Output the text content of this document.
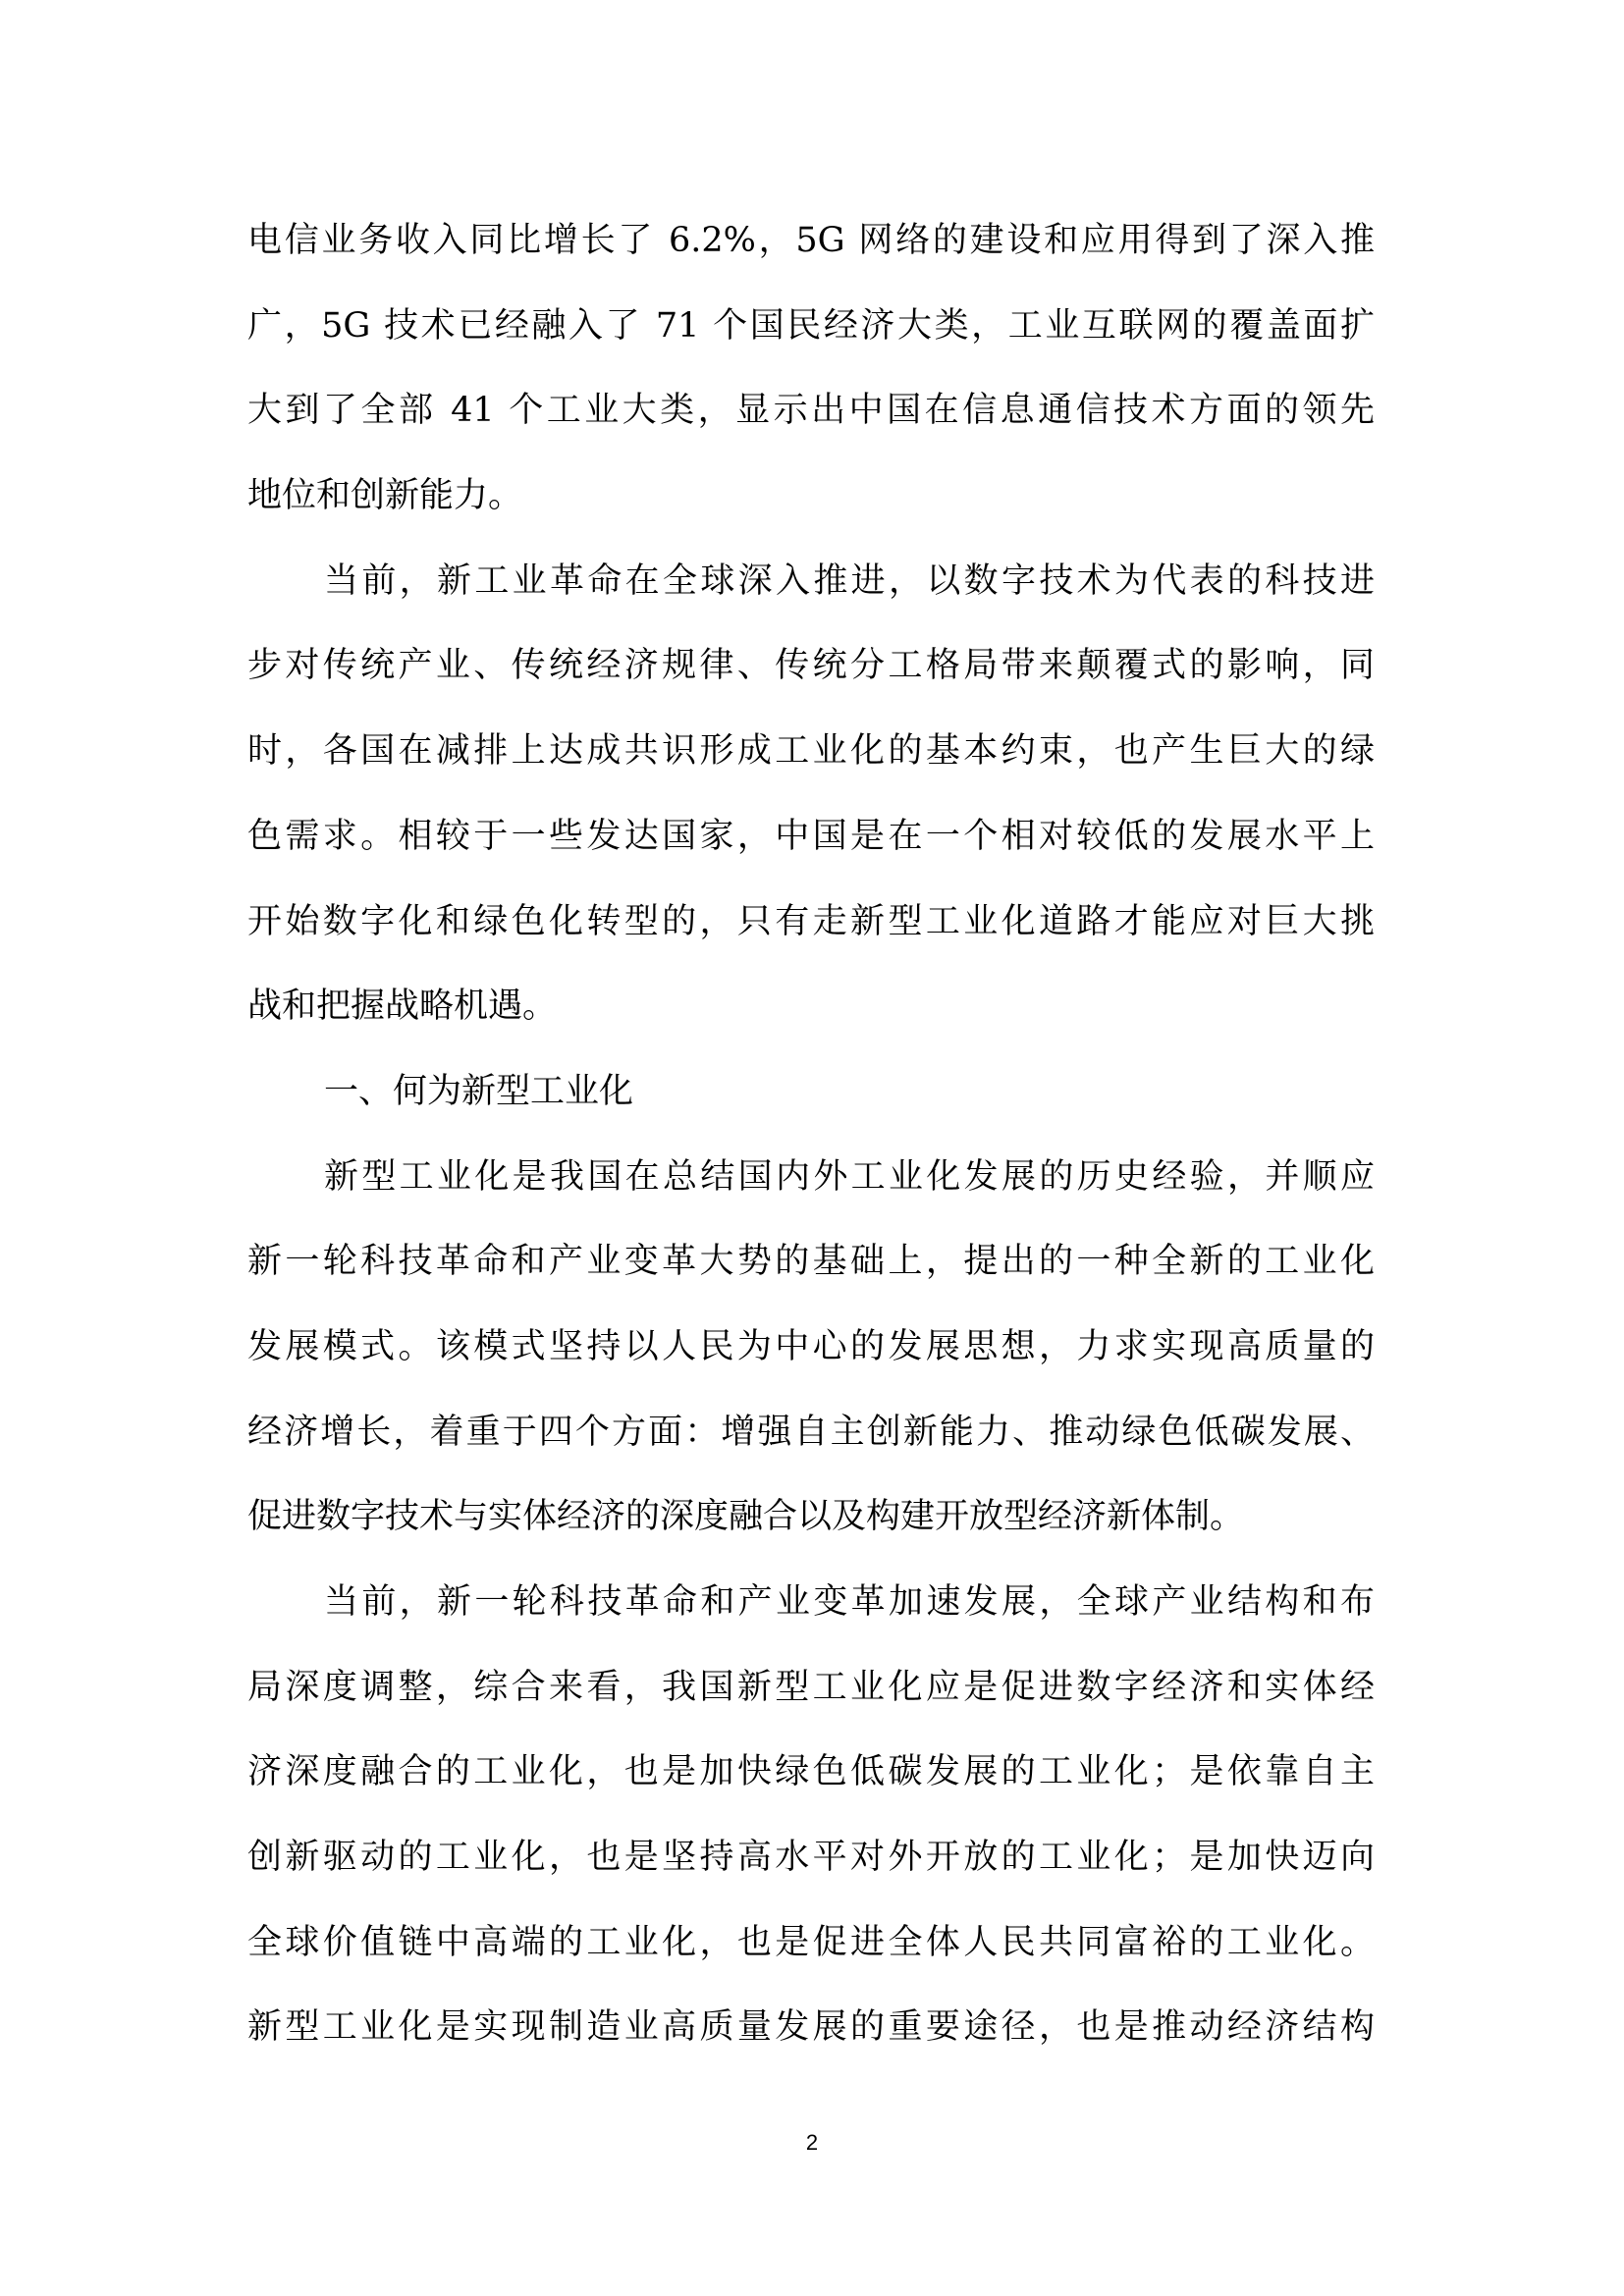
电信业务收入同比增长了 6.2%，5G 网络的建设和应用得到了深入推
广，5G 技术已经融入了 71 个国民经济大类，工业互联网的覆盖面扩
大到了全部 41 个工业大类，显示出中国在信息通信技术方面的领先
地位和创新能力。
当前，新工业革命在全球深入推进，以数字技术为代表的科技进
步对传统产业、传统经济规律、传统分工格局带来颠覆式的影响，同
时，各国在减排上达成共识形成工业化的基本约束，也产生巨大的绿
色需求。相较于一些发达国家，中国是在一个相对较低的发展水平上
开始数字化和绿色化转型的，只有走新型工业化道路才能应对巨大挑
战和把握战略机遇。
一、何为新型工业化
新型工业化是我国在总结国内外工业化发展的历史经验，并顺应
新一轮科技革命和产业变革大势的基础上，提出的一种全新的工业化
发展模式。该模式坚持以人民为中心的发展思想，力求实现高质量的
经济增长，着重于四个方面：增强自主创新能力、推动绿色低碳发展、
促进数字技术与实体经济的深度融合以及构建开放型经济新体制。
当前，新一轮科技革命和产业变革加速发展，全球产业结构和布
局深度调整，综合来看，我国新型工业化应是促进数字经济和实体经
济深度融合的工业化，也是加快绿色低碳发展的工业化；是依靠自主
创新驱动的工业化，也是坚持高水平对外开放的工业化；是加快迈向
全球价值链中高端的工业化，也是促进全体人民共同富裕的工业化。
新型工业化是实现制造业高质量发展的重要途径，也是推动经济结构
2
